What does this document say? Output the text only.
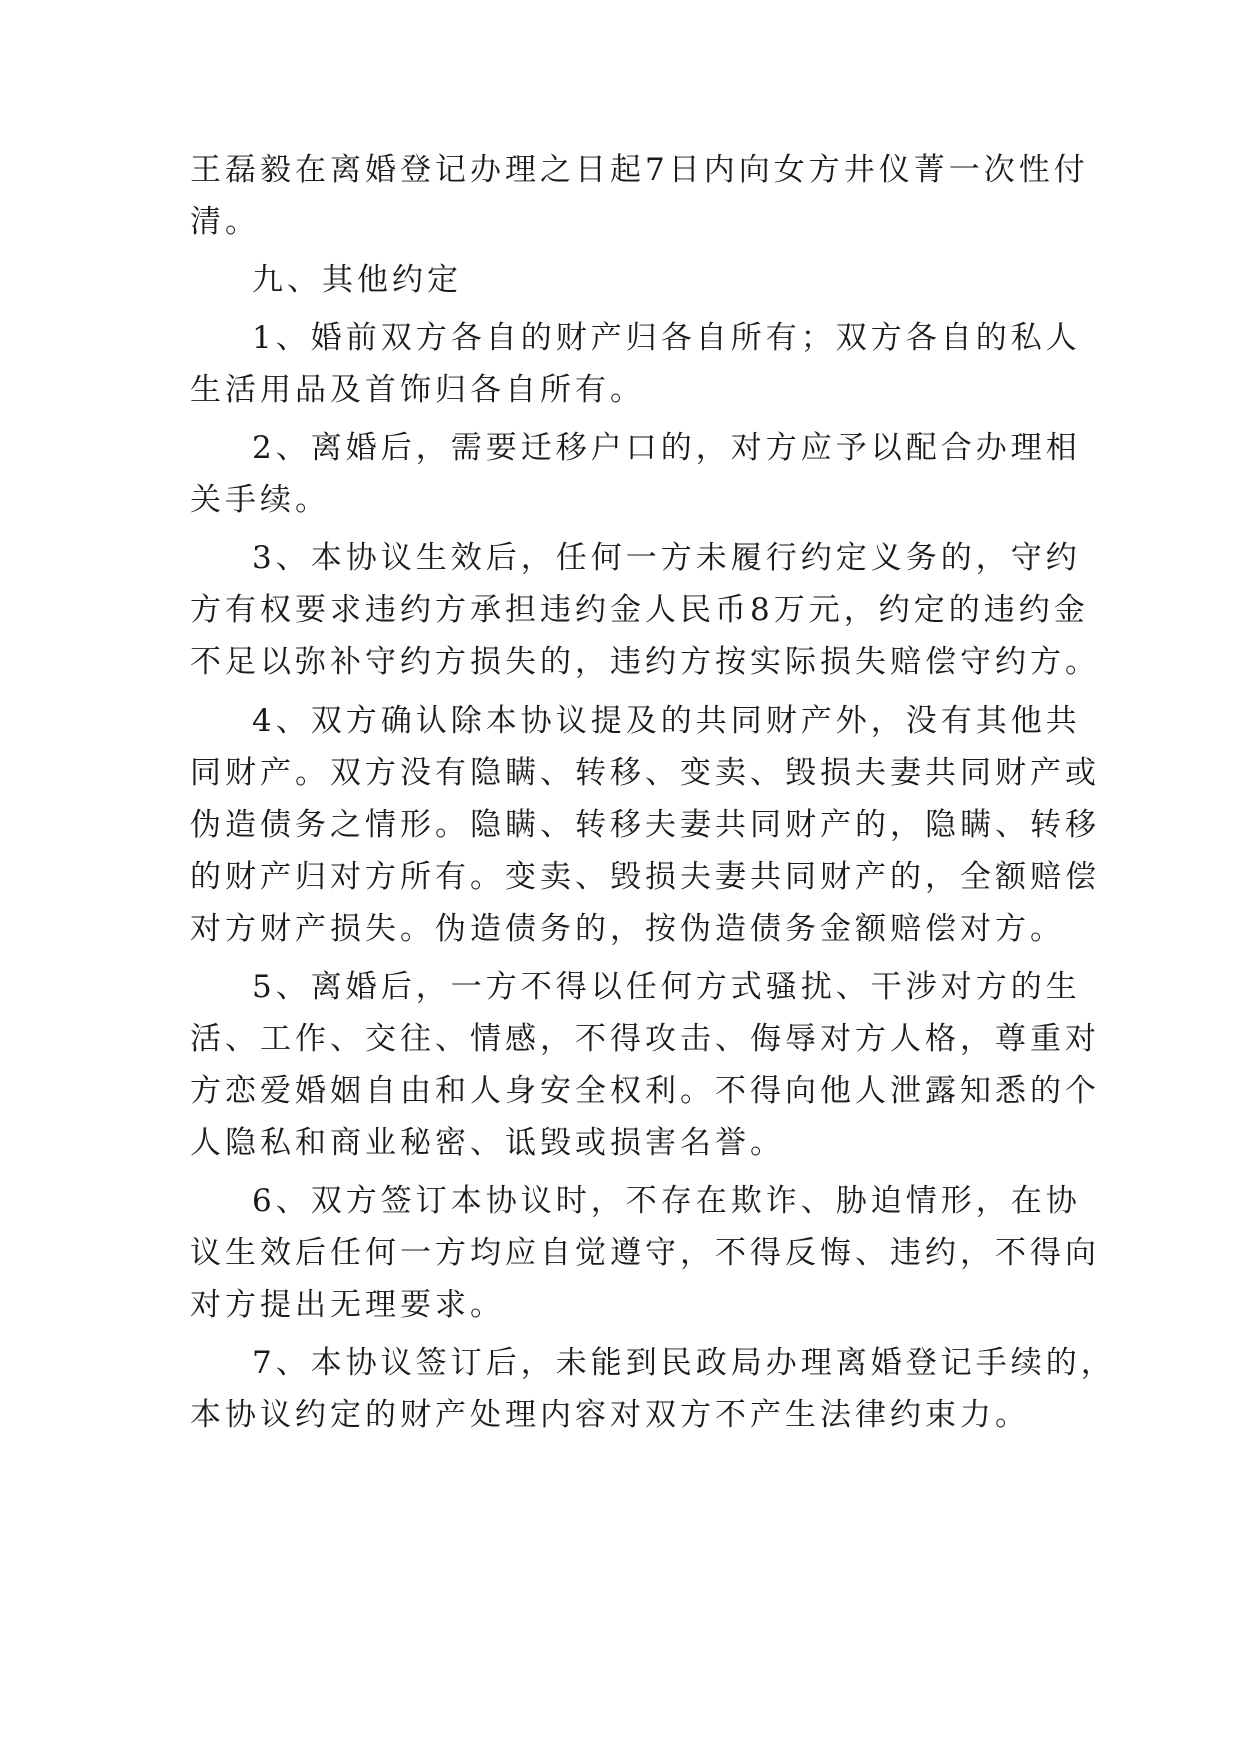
王磊毅在离婚登记办理之日起7日内向女方井仪菁一次性付

清。

九、其他约定

1、婚前双方各自的财产归各自所有；双方各自的私人

生活用品及首饰归各自所有。

2、离婚后，需要迁移户口的，对方应予以配合办理相

关手续。

3、本协议生效后，任何一方未履行约定义务的，守约

方有权要求违约方承担违约金人民币8万元，约定的违约金

不足以弥补守约方损失的，违约方按实际损失赔偿守约方。

4、双方确认除本协议提及的共同财产外，没有其他共

同财产。双方没有隐瞒、转移、变卖、毁损夫妻共同财产或

伪造债务之情形。隐瞒、转移夫妻共同财产的，隐瞒、转移

的财产归对方所有。变卖、毁损夫妻共同财产的，全额赔偿

对方财产损失。伪造债务的，按伪造债务金额赔偿对方。

5、离婚后，一方不得以任何方式骚扰、干涉对方的生

活、工作、交往、情感，不得攻击、侮辱对方人格，尊重对

方恋爱婚姻自由和人身安全权利。不得向他人泄露知悉的个

人隐私和商业秘密、诋毁或损害名誉。

6、双方签订本协议时，不存在欺诈、胁迫情形，在协

议生效后任何一方均应自觉遵守，不得反悔、违约，不得向

对方提出无理要求。

7、本协议签订后，未能到民政局办理离婚登记手续的，

本协议约定的财产处理内容对双方不产生法律约束力。
